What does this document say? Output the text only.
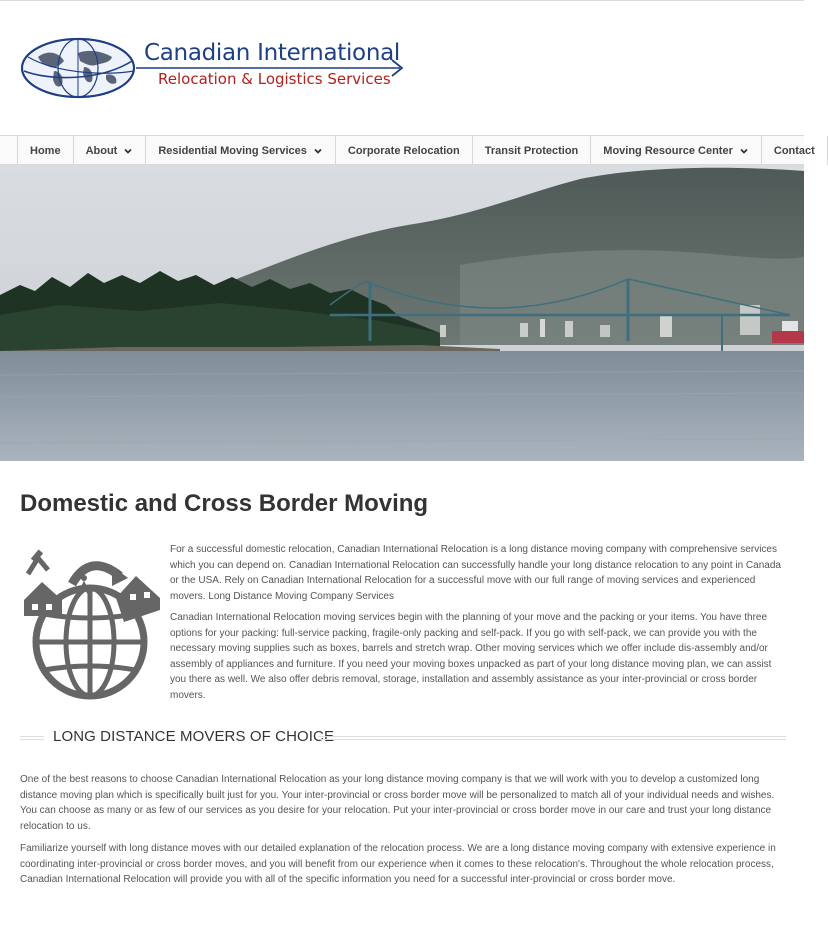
Canadian International
Relocation & Logistics Services
Home About	Residential Moving Services	Corporate Relocation Transit Protection Moving Resource Center	Contact
Domestic and Cross Border Moving

For a successful domestic relocation, Canadian International Relocation is a long distance moving company with comprehensive services which you can depend on. Canadian International Relocation can successfully handle your long distance relocation to any point in Canada or the USA. Rely on Canadian International Relocation for a successful move with our full range of moving services and experienced movers. Long Distance Moving Company Services

Canadian International Relocation moving services begin with the planning of your move and the packing or your items. You have three options for your packing: full-service packing, fragile-only packing and self-pack. If you go with self-pack, we can provide you with the necessary moving supplies such as boxes, barrels and stretch wrap. Other moving services which we offer include dis-assembly and/or assembly of appliances and furniture. If you need your moving boxes unpacked as part of your long distance moving plan, we can assist you there as well. We also offer debris removal, storage, installation and assembly assistance as your inter-provincial or cross border movers.

LONG DISTANCE MOVERS OF CHOICE

One of the best reasons to choose Canadian International Relocation as your long distance moving company is that we will work with you to develop a customized long distance moving plan which is specifically built just for you. Your inter-provincial or cross border move will be personalized to match all of your individual needs and wishes. You can choose as many or as few of our services as you desire for your relocation. Put your inter-provincial or cross border move in our care and trust your long distance relocation to us.

Familiarize yourself with long distance moves with our detailed explanation of the relocation process. We are a long distance moving company with extensive experience in coordinating inter-provincial or cross border moves, and you will benefit from our experience when it comes to these relocation's. Throughout the whole relocation process, Canadian International Relocation will provide you with all of the specific information you need for a successful inter-provincial or cross border move.
